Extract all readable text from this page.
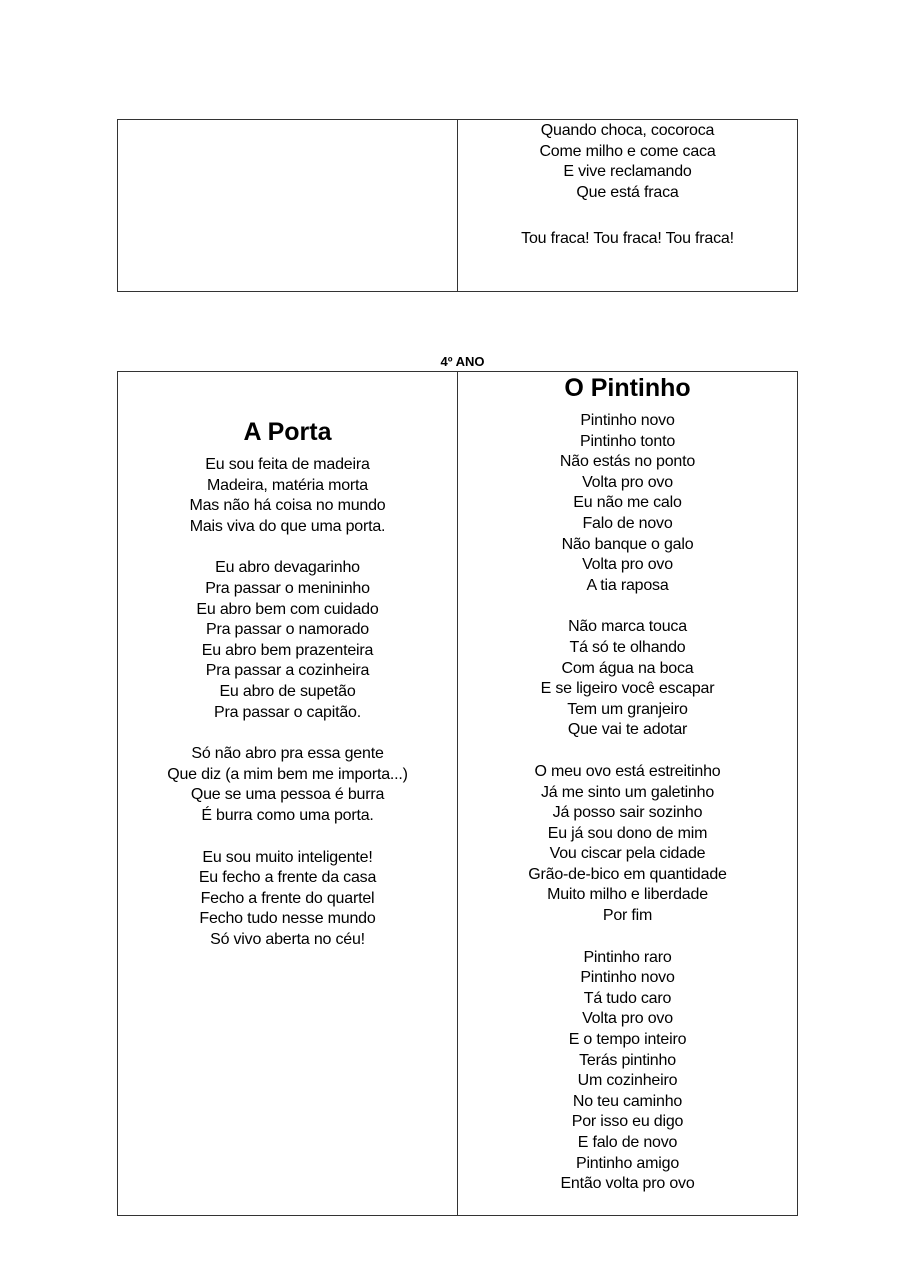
Quando choca, cocoroca
Come milho e come caca
E vive reclamando
Que está fraca
Tou fraca! Tou fraca! Tou fraca!
4º ANO
A Porta
Eu sou feita de madeira
Madeira, matéria morta
Mas não há coisa no mundo
Mais viva do que uma porta.
Eu abro devagarinho
Pra passar o menininho
Eu abro bem com cuidado
Pra passar o namorado
Eu abro bem prazenteira
Pra passar a cozinheira
Eu abro de supetão
Pra passar o capitão.
Só não abro pra essa gente
Que diz (a mim bem me importa...)
Que se uma pessoa é burra
É burra como uma porta.
Eu sou muito inteligente!
Eu fecho a frente da casa
Fecho a frente do quartel
Fecho tudo nesse mundo
Só vivo aberta no céu!
O Pintinho
Pintinho novo
Pintinho tonto
Não estás no ponto
Volta pro ovo
Eu não me calo
Falo de novo
Não banque o galo
Volta pro ovo
A tia raposa
Não marca touca
Tá só te olhando
Com água na boca
E se ligeiro você escapar
Tem um granjeiro
Que vai te adotar
O meu ovo está estreitinho
Já me sinto um galetinho
Já posso sair sozinho
Eu já sou dono de mim
Vou ciscar pela cidade
Grão-de-bico em quantidade
Muito milho e liberdade
Por fim
Pintinho raro
Pintinho novo
Tá tudo caro
Volta pro ovo
E o tempo inteiro
Terás pintinho
Um cozinheiro
No teu caminho
Por isso eu digo
E falo de novo
Pintinho amigo
Então volta pro ovo
